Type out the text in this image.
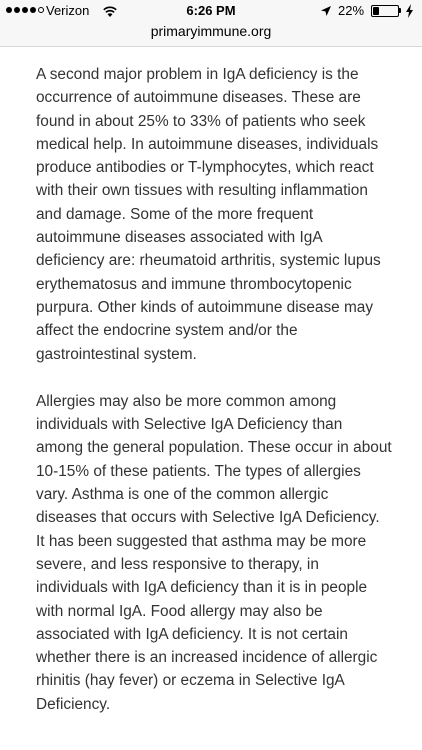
Verizon	6:26 PM	22%
primaryimmune.org

A second major problem in IgA deficiency is the occurrence of autoimmune diseases. These are found in about 25% to 33% of patients who seek medical help. In autoimmune diseases, individuals produce antibodies or T-lymphocytes, which react with their own tissues with resulting inflammation and damage. Some of the more frequent autoimmune diseases associated with IgA deficiency are: rheumatoid arthritis, systemic lupus erythematosus and immune thrombocytopenic purpura. Other kinds of autoimmune disease may affect the endocrine system and/or the gastrointestinal system.

Allergies may also be more common among individuals with Selective IgA Deficiency than among the general population. These occur in about 10-15% of these patients. The types of allergies vary. Asthma is one of the common allergic diseases that occurs with Selective IgA Deficiency. It has been suggested that asthma may be more severe, and less responsive to therapy, in individuals with IgA deficiency than it is in people with normal IgA. Food allergy may also be associated with IgA deficiency. It is not certain whether there is an increased incidence of allergic rhinitis (hay fever) or eczema in Selective IgA Deficiency.
